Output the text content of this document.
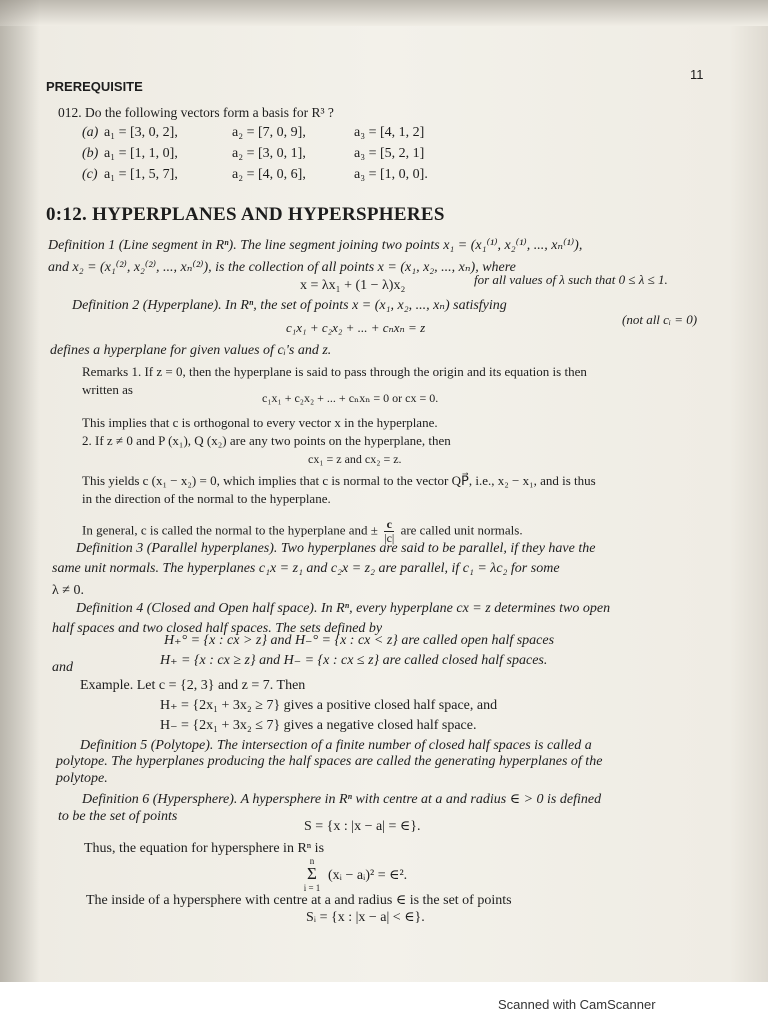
PREREQUISITE
11
012. Do the following vectors form a basis for R³ ?
(a) a₁ = [3, 0, 2],	a₂ = [7, 0, 9],	a₃ = [4, 1, 2]
(b) a₁ = [1, 1, 0],	a₂ = [3, 0, 1],	a₃ = [5, 2, 1]
(c) a₁ = [1, 5, 7],	a₂ = [4, 0, 6],	a₃ = [1, 0, 0].
0:12. HYPERPLANES AND HYPERSPHERES
Definition 1 (Line segment in Rⁿ). The line segment joining two points x₁ = (x₁⁽¹⁾, x₂⁽¹⁾, ..., xₙ⁽¹⁾),
and x₂ = (x₁⁽²⁾, x₂⁽²⁾, ..., xₙ⁽²⁾), is the collection of all points x = (x₁, x₂, ..., xₙ), where
x = λx₁ + (1 − λ)x₂	for all values of λ such that 0 ≤ λ ≤ 1.
Definition 2 (Hyperplane). In Rⁿ, the set of points x = (x₁, x₂, ..., xₙ) satisfying
c₁x₁ + c₂x₂ + ... + cₙxₙ = z
(not all cᵢ = 0)
defines a hyperplane for given values of cᵢ's and z.
Remarks 1. If z = 0, then the hyperplane is said to pass through the origin and its equation is then
written as
c₁x₁ + c₂x₂ + ... + cₙxₙ = 0 or cx = 0.
This implies that c is orthogonal to every vector x in the hyperplane.
2. If z ≠ 0 and P (x₁), Q (x₂) are any two points on the hyperplane, then
cx₁ = z and cx₂ = z.
This yields c (x₁ − x₂) = 0, which implies that c is normal to the vector QP⃗, i.e., x₂ − x₁, and is thus
in the direction of the normal to the hyperplane.
In general, c is called the normal to the hyperplane and ± $\frac{c}{|c|}$ are called unit normals.
Definition 3 (Parallel hyperplanes). Two hyperplanes are said to be parallel, if they have the
same unit normals. The hyperplanes c₁x = z₁ and c₂x = z₂ are parallel, if c₁ = λc₂ for some
λ ≠ 0.
Definition 4 (Closed and Open half space). In Rⁿ, every hyperplane cx = z determines two open
half spaces and two closed half spaces. The sets defined by
H₊° = {x : cx > z} and H₋° = {x : cx < z} are called open half spaces
and	H₊ = {x : cx ≥ z} and H₋ = {x : cx ≤ z} are called closed half spaces.
Example. Let c = {2, 3} and z = 7. Then
H₊ = {2x₁ + 3x₂ ≥ 7} gives a positive closed half space, and
H₋ = {2x₁ + 3x₂ ≤ 7} gives a negative closed half space.
Definition 5 (Polytope). The intersection of a finite number of closed half spaces is called a
polytope. The hyperplanes producing the half spaces are called the generating hyperplanes of the
polytope.
Definition 6 (Hypersphere). A hypersphere in Rⁿ with centre at a and radius ∈ > 0 is defined
to be the set of points
S = {x : |x − a| = ∈}.
Thus, the equation for hypersphere in Rⁿ is
n
Σ
i = 1
(xᵢ − aᵢ)² = ∈².
The inside of a hypersphere with centre at a and radius ∈ is the set of points
Sᵢ = {x : |x − a| < ∈}.
Scanned with CamScanner
